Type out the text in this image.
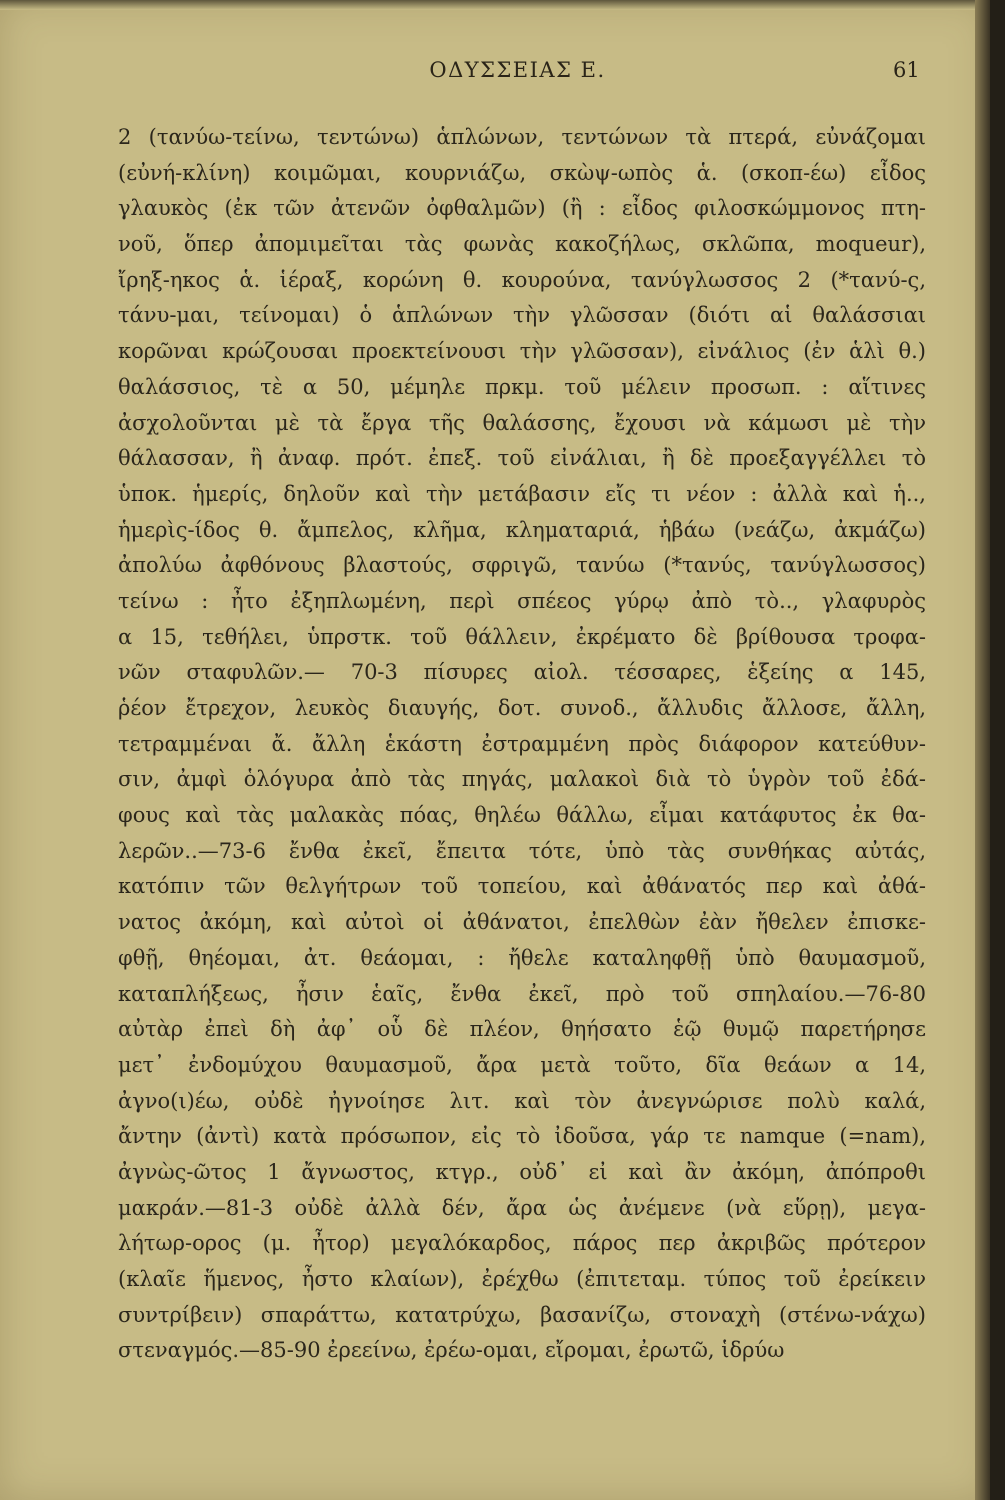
ΟΔΥΣΣΕΙΑΣ Ε.	61
2 (τανύω-τείνω, τεντώνω) ἁπλώνων, τεντώνων τὰ πτερά, εὐνάζομαι
(εὐνή-κλίνη) κοιμῶμαι, κουρνιάζω, σκὼψ-ωπὸς ἁ. (σκοπ-έω) εἶδος
γλαυκὸς (ἐκ τῶν ἀτενῶν ὀφθαλμῶν) (ἢ : εἶδος φιλοσκώμμονος πτη-
νοῦ, ὅπερ ἀπομιμεῖται τὰς φωνὰς κακοζήλως, σκλῶπα, moqueur),
ἴρηξ-ηκος ἁ. ἱέραξ, κορώνη θ. κουρούνα, τανύγλωσσος 2 (*τανύ-ς,
τάνυ-μαι, τείνομαι) ὁ ἁπλώνων τὴν γλῶσσαν (διότι αἱ θαλάσσιαι
κορῶναι κρώζουσαι προεκτείνουσι τὴν γλῶσσαν), εἰνάλιος (ἐν ἁλὶ θ.)
θαλάσσιος, τὲ α 50, μέμηλε πρκμ. τοῦ μέλειν προσωπ. : αἵτινες
ἀσχολοῦνται μὲ τὰ ἔργα τῆς θαλάσσης, ἔχουσι νὰ κάμωσι μὲ τὴν
θάλασσαν, ἢ ἀναφ. πρότ. ἐπεξ. τοῦ εἰνάλιαι, ἢ δὲ προεξαγγέλλει τὸ
ὑποκ. ἡμερίς, δηλοῦν καὶ τὴν μετάβασιν εἴς τι νέον : ἀλλὰ καὶ ἡ..,
ἡμερὶς-ίδος θ. ἄμπελος, κλῆμα, κληματαριά, ἡβάω (νεάζω, ἀκμάζω)
ἀπολύω ἀφθόνους βλαστούς, σφριγῶ, τανύω (*τανύς, τανύγλωσσος)
τείνω : ἦτο ἐξηπλωμένη, περὶ σπέεος γύρῳ ἀπὸ τὸ.., γλαφυρὸς
α 15, τεθήλει, ὑπρστκ. τοῦ θάλλειν, ἐκρέματο δὲ βρίθουσα τροφα-
νῶν σταφυλῶν.— 70-3 πίσυρες αἰολ. τέσσαρες, ἑξείης α 145,
ῥέον ἔτρεχον, λευκὸς διαυγής, δοτ. συνοδ., ἄλλυδις ἄλλοσε, ἄλλη,
τετραμμέναι ἄ. ἄλλη ἑκάστη ἐστραμμένη πρὸς διάφορον κατεύθυν-
σιν, ἀμφὶ ὁλόγυρα ἀπὸ τὰς πηγάς, μαλακοὶ διὰ τὸ ὑγρὸν τοῦ ἐδά-
φους καὶ τὰς μαλακὰς πόας, θηλέω θάλλω, εἶμαι κατάφυτος ἐκ θα-
λερῶν..—73-6 ἔνθα ἐκεῖ, ἔπειτα τότε, ὑπὸ τὰς συνθήκας αὐτάς,
κατόπιν τῶν θελγήτρων τοῦ τοπείου, καὶ ἀθάνατός περ καὶ ἀθά-
νατος ἀκόμη, καὶ αὐτοὶ οἱ ἀθάνατοι, ἐπελθὼν ἐὰν ἤθελεν ἐπισκε-
φθῇ, θηέομαι, ἀτ. θεάομαι, : ἤθελε καταληφθῇ ὑπὸ θαυμασμοῦ,
καταπλήξεως, ἦσιν ἑαῖς, ἔνθα ἐκεῖ, πρὸ τοῦ σπηλαίου.—76-80
αὐτὰρ ἐπεὶ δὴ ἀφ᾽ οὗ δὲ πλέον, θηήσατο ἑῷ θυμῷ παρετήρησε
μετ᾽ ἐνδομύχου θαυμασμοῦ, ἄρα μετὰ τοῦτο, δῖα θεάων α 14,
ἀγνο(ι)έω, οὐδὲ ἠγνοίησε λιτ. καὶ τὸν ἀνεγνώρισε πολὺ καλά,
ἄντην (ἀντὶ) κατὰ πρόσωπον, εἰς τὸ ἰδοῦσα, γάρ τε namque (=nam),
ἀγνὼς-ῶτος 1 ἄγνωστος, κτγρ., οὐδ᾽ εἰ καὶ ἂν ἀκόμη, ἀπόπροθι
μακράν.—81-3 οὐδὲ ἀλλὰ δέν, ἄρα ὡς ἀνέμενε (νὰ εὕρῃ), μεγα-
λήτωρ-ορος (μ. ἦτορ) μεγαλόκαρδος, πάρος περ ἀκριβῶς πρότερον
(κλαῖε ἥμενος, ἦστο κλαίων), ἐρέχθω (ἐπιτεταμ. τύπος τοῦ ἐρείκειν
συντρίβειν) σπαράττω, κατατρύχω, βασανίζω, στοναχὴ (στένω-νάχω)
στεναγμός.—85-90 ἐρεείνω, ἐρέω-ομαι, εἴρομαι, ἐρωτῶ, ἱδρύω
